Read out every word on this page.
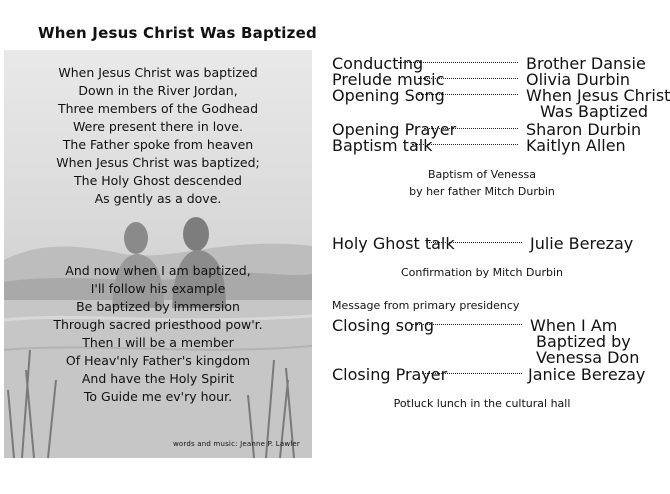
When Jesus Christ Was Baptized
When Jesus Christ was baptized
Down in the River Jordan,
Three members of the Godhead
Were present there in love.
The Father spoke from heaven
When Jesus Christ was baptized;
The Holy Ghost descended
As gently as a dove.
And now when I am baptized,
I'll follow his example
Be baptized by immersion
Through sacred priesthood pow'r.
Then I will be a member
Of Heav'nly Father's kingdom
And have the Holy Spirit
To Guide me ev'ry hour.
words and music: Jeanne P. Lawler
Conducting	Brother Dansie
Prelude music	Olivia Durbin
Opening Song	When Jesus Christ
Was Baptized
Opening Prayer	Sharon Durbin
Baptism talk	Kaitlyn Allen
Baptism of Venessa
by her father Mitch Durbin
Holy Ghost talk	Julie Berezay
Confirmation by Mitch Durbin
Message from primary presidency
Closing song	When I Am
Baptized by
Venessa Don
Closing Prayer	Janice Berezay
Potluck lunch in the cultural hall
